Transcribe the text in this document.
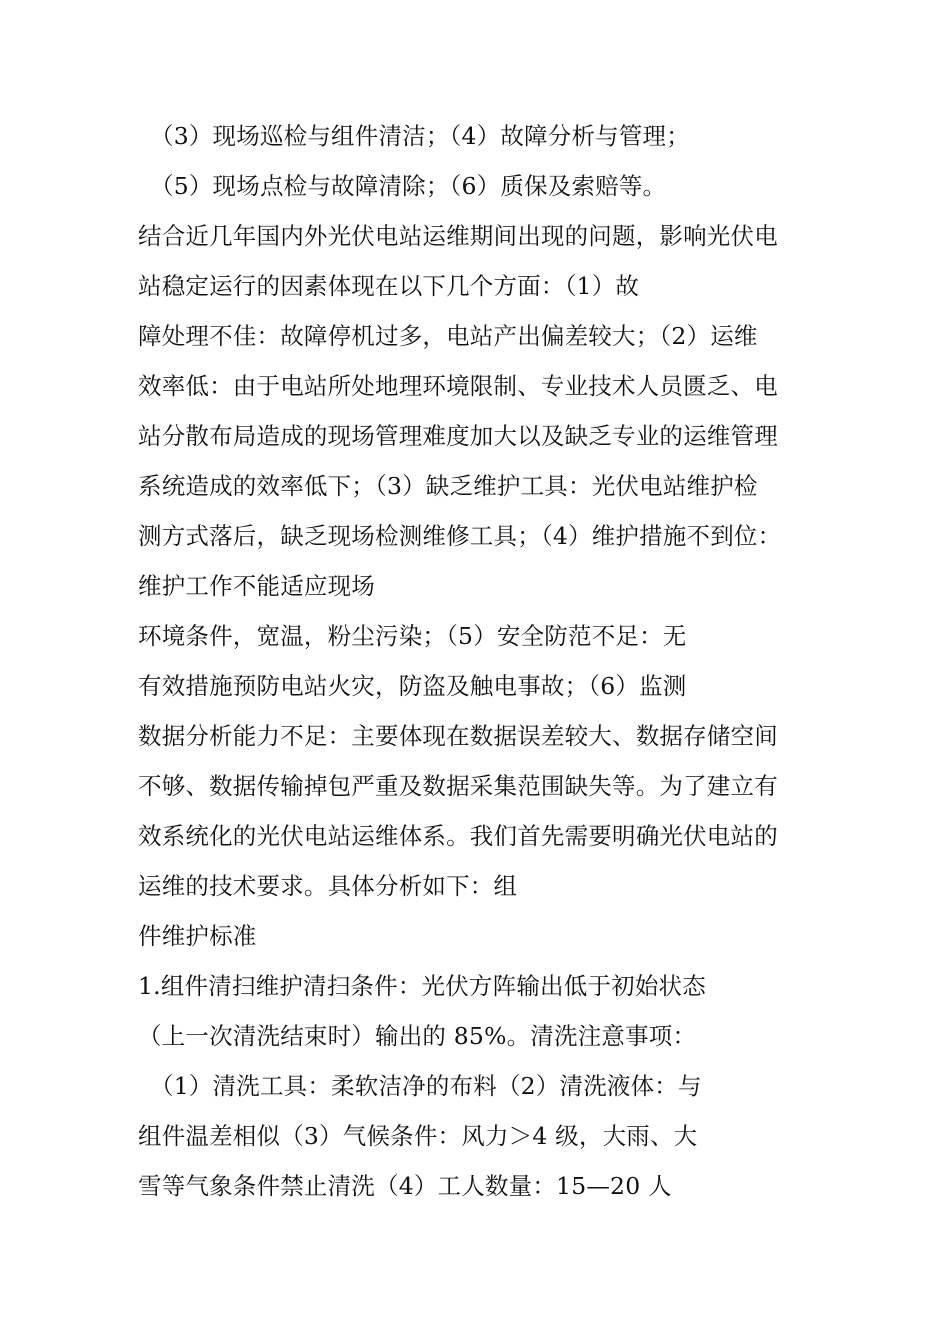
（3）现场巡检与组件清洁；（4）故障分析与管理；
（5）现场点检与故障清除；（6）质保及索赔等。
结合近几年国内外光伏电站运维期间出现的问题，影响光伏电
站稳定运行的因素体现在以下几个方面：（1）故
障处理不佳：故障停机过多，电站产出偏差较大；（2）运维
效率低：由于电站所处地理环境限制、专业技术人员匮乏、电
站分散布局造成的现场管理难度加大以及缺乏专业的运维管理
系统造成的效率低下；（3）缺乏维护工具：光伏电站维护检
测方式落后，缺乏现场检测维修工具；（4）维护措施不到位：
维护工作不能适应现场
环境条件，宽温，粉尘污染；（5）安全防范不足：无
有效措施预防电站火灾，防盗及触电事故；（6）监测
数据分析能力不足：主要体现在数据误差较大、数据存储空间
不够、数据传输掉包严重及数据采集范围缺失等。为了建立有
效系统化的光伏电站运维体系。我们首先需要明确光伏电站的
运维的技术要求。具体分析如下：组
件维护标准
1.组件清扫维护清扫条件：光伏方阵输出低于初始状态
（上一次清洗结束时）输出的 85%。清洗注意事项：
（1）清洗工具：柔软洁净的布料（2）清洗液体：与
组件温差相似（3）气候条件：风力＞4 级，大雨、大
雪等气象条件禁止清洗（4）工人数量：15—20 人
